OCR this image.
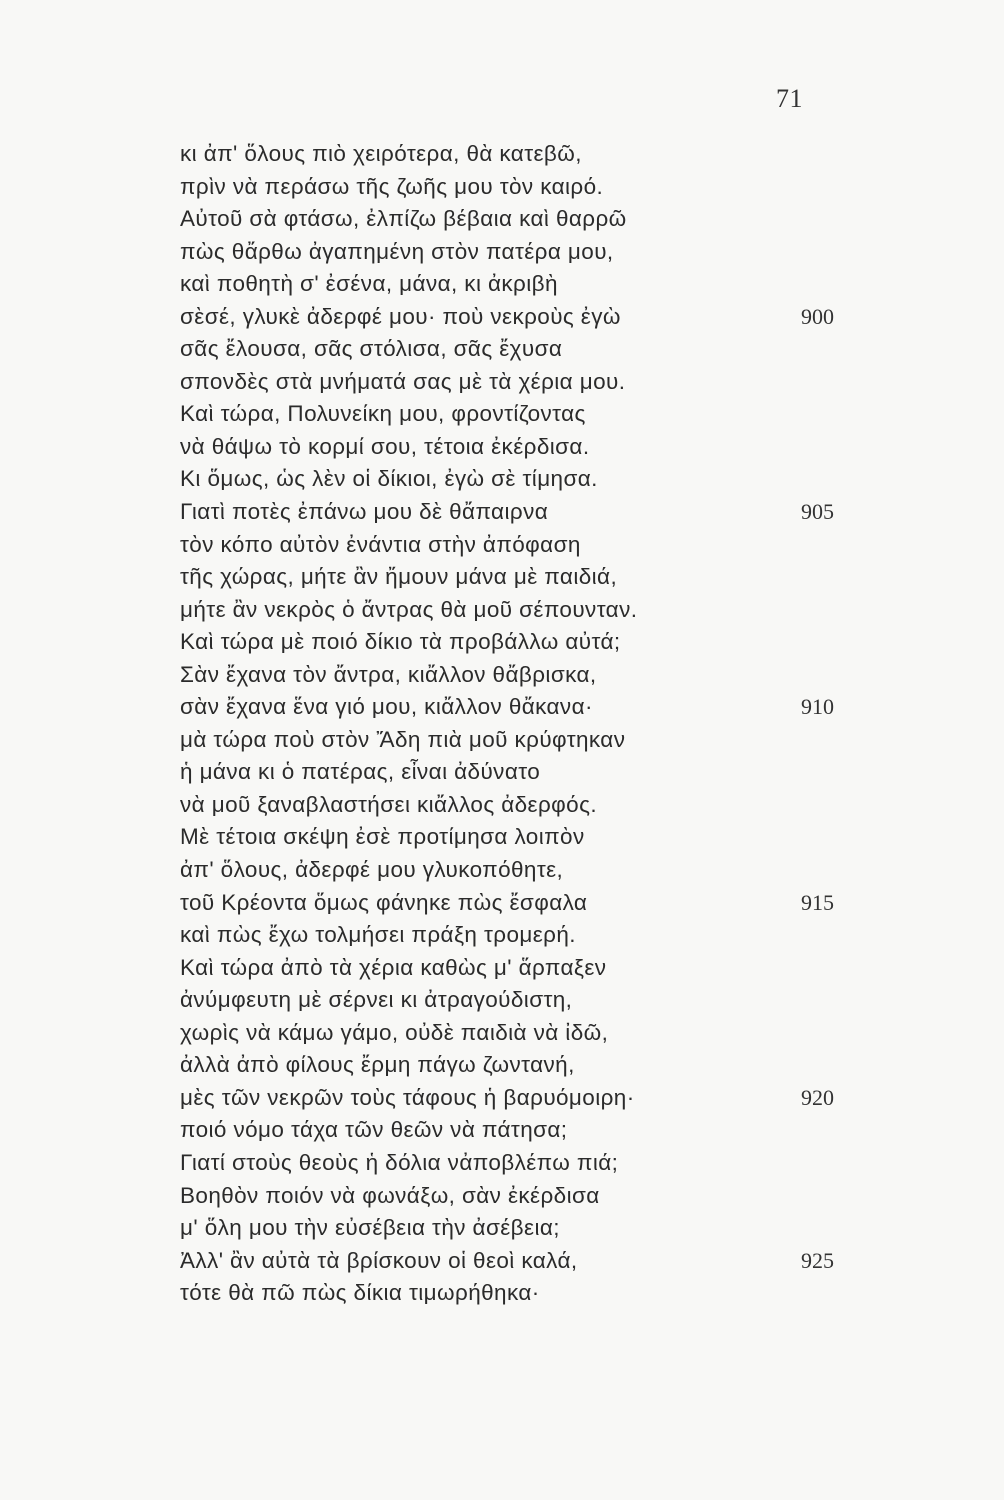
71
κι ἀπ' ὅλους πιὸ χειρότερα, θὰ κατεβῶ,
πρὶν νὰ περάσω τῆς ζωῆς μου τὸν καιρό.
Αὐτοῦ σὰ φτάσω, ἐλπίζω βέβαια καὶ θαρρῶ
πὼς θἄρθω ἀγαπημένη στὸν πατέρα μου,
καὶ ποθητὴ σ' ἐσένα, μάνα, κι ἀκριβὴ
σὲσέ, γλυκὲ ἀδερφέ μου· ποὺ νεκροὺς ἐγὼ	900
σᾶς ἔλουσα, σᾶς στόλισα, σᾶς ἔχυσα
σπονδὲς στὰ μνήματά σας μὲ τὰ χέρια μου.
Καὶ τώρα, Πολυνείκη μου, φροντίζοντας
νὰ θάψω τὸ κορμί σου, τέτοια ἐκέρδισα.
Κι ὅμως, ὡς λὲν οἱ δίκιοι, ἐγὼ σὲ τίμησα.
Γιατὶ ποτὲς ἐπάνω μου δὲ θἄπαιρνα	905
τὸν κόπο αὐτὸν ἐνάντια στὴν ἀπόφαση
τῆς χώρας, μήτε ἂν ἤμουν μάνα μὲ παιδιά,
μήτε ἂν νεκρὸς ὁ ἄντρας θὰ μοῦ σέπουνταν.
Καὶ τώρα μὲ ποιό δίκιο τὰ προβάλλω αὐτά;
Σὰν ἔχανα τὸν ἄντρα, κιἄλλον θἄβρισκα,
σὰν ἔχανα ἕνα γιό μου, κιἄλλον θἄκανα·	910
μὰ τώρα ποὺ στὸν Ἄδη πιὰ μοῦ κρύφτηκαν
ἡ μάνα κι ὁ πατέρας, εἶναι ἀδύνατο
νὰ μοῦ ξαναβλαστήσει κιἄλλος ἀδερφός.
Μὲ τέτοια σκέψη ἐσὲ προτίμησα λοιπὸν
ἀπ' ὅλους, ἀδερφέ μου γλυκοπόθητε,
τοῦ Κρέοντα ὅμως φάνηκε πὼς ἔσφαλα	915
καὶ πὼς ἔχω τολμήσει πράξη τρομερή.
Καὶ τώρα ἀπὸ τὰ χέρια καθὼς μ' ἅρπαξεν
ἀνύμφευτη μὲ σέρνει κι ἀτραγούδιστη,
χωρὶς νὰ κάμω γάμο, οὐδὲ παιδιὰ νὰ ἰδῶ,
ἀλλὰ ἀπὸ φίλους ἔρμη πάγω ζωντανή,
μὲς τῶν νεκρῶν τοὺς τάφους ἡ βαρυόμοιρη·	920
ποιό νόμο τάχα τῶν θεῶν νὰ πάτησα;
Γιατί στοὺς θεοὺς ἡ δόλια νἀποβλέπω πιά;
Βοηθὸν ποιόν νὰ φωνάξω, σὰν ἐκέρδισα
μ' ὅλη μου τὴν εὐσέβεια τὴν ἀσέβεια;
Ἀλλ' ἂν αὐτὰ τὰ βρίσκουν οἱ θεοὶ καλά,	925
τότε θὰ πῶ πὼς δίκια τιμωρήθηκα·
